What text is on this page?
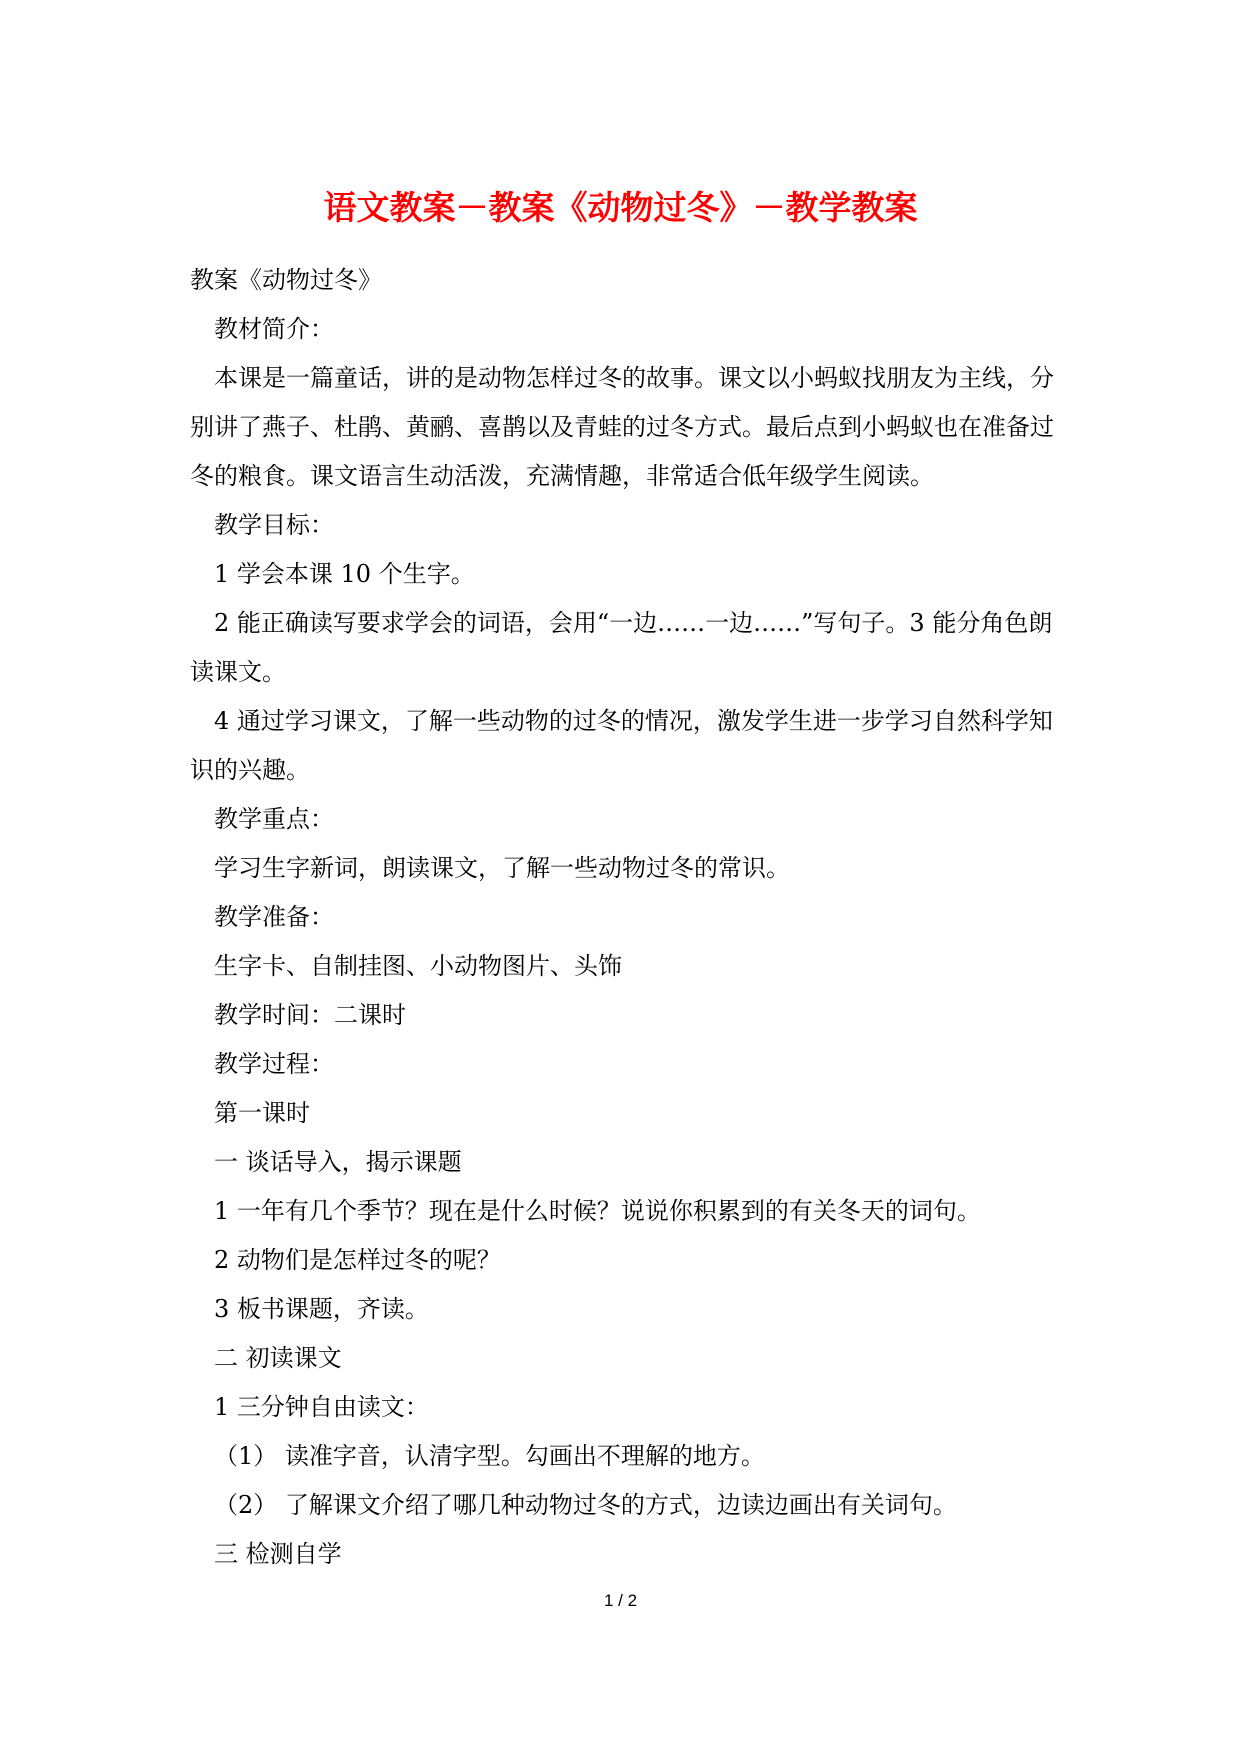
语文教案－教案《动物过冬》－教学教案

教案《动物过冬》

教材简介：

本课是一篇童话，讲的是动物怎样过冬的故事。课文以小蚂蚁找朋友为主线，分别讲了燕子、杜鹃、黄鹂、喜鹊以及青蛙的过冬方式。最后点到小蚂蚁也在准备过冬的粮食。课文语言生动活泼，充满情趣，非常适合低年级学生阅读。

教学目标：

1 学会本课 10 个生字。

2 能正确读写要求学会的词语，会用“一边……一边……”写句子。3 能分角色朗读课文。

4 通过学习课文，了解一些动物的过冬的情况，激发学生进一步学习自然科学知识的兴趣。

教学重点：

学习生字新词，朗读课文，了解一些动物过冬的常识。

教学准备：

生字卡、自制挂图、小动物图片、头饰

教学时间：二课时

教学过程：

第一课时

一 谈话导入，揭示课题

1 一年有几个季节？现在是什么时候？说说你积累到的有关冬天的词句。

2 动物们是怎样过冬的呢？

3 板书课题，齐读。

二 初读课文

1 三分钟自由读文：

（1） 读准字音，认清字型。勾画出不理解的地方。

（2） 了解课文介绍了哪几种动物过冬的方式，边读边画出有关词句。

三 检测自学

1 / 2
